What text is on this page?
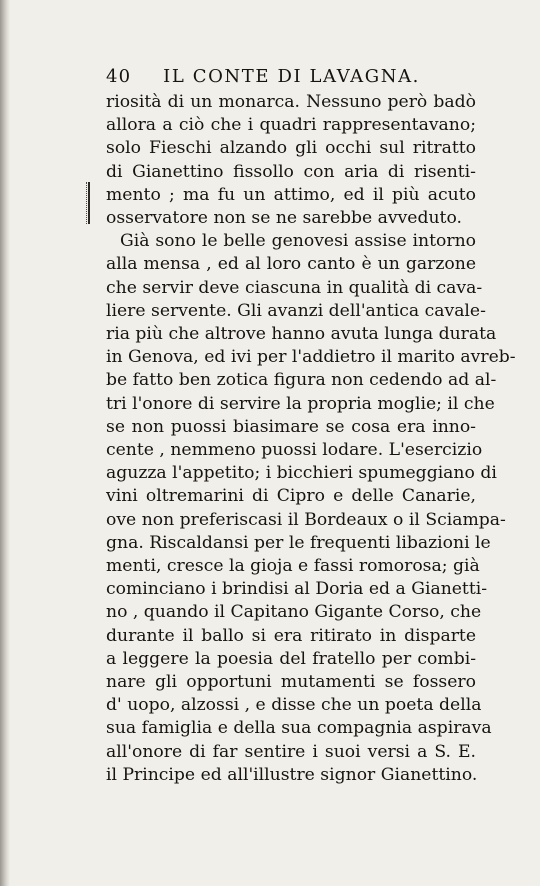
40 IL CONTE DI LAVAGNA.
riosità di un monarca. Nessuno però badò
allora a ciò che i quadri rappresentavano;
solo Fieschi alzando gli occhi sul ritratto
di Gianettino fissollo con aria di risenti-
mento ; ma fu un attimo, ed il più acuto
osservatore non se ne sarebbe avveduto.
Già sono le belle genovesi assise intorno
alla mensa , ed al loro canto è un garzone
che servir deve ciascuna in qualità di cava-
liere servente. Gli avanzi dell'antica cavale-
ria più che altrove hanno avuta lunga durata
in Genova, ed ivi per l'addietro il marito avreb-
be fatto ben zotica figura non cedendo ad al-
tri l'onore di servire la propria moglie; il che
se non puossi biasimare se cosa era inno-
cente , nemmeno puossi lodare. L'esercizio
aguzza l'appetito; i bicchieri spumeggiano di
vini oltremarini di Cipro e delle Canarie,
ove non preferiscasi il Bordeaux o il Sciampa-
gna. Riscaldansi per le frequenti libazioni le
menti, cresce la gioja e fassi romorosa; già
cominciano i brindisi al Doria ed a Gianetti-
no , quando il Capitano Gigante Corso, che
durante il ballo si era ritirato in disparte
a leggere la poesia del fratello per combi-
nare gli opportuni mutamenti se fossero
d' uopo, alzossi , e disse che un poeta della
sua famiglia e della sua compagnia aspirava
all'onore di far sentire i suoi versi a S. E.
il Principe ed all'illustre signor Gianettino.
